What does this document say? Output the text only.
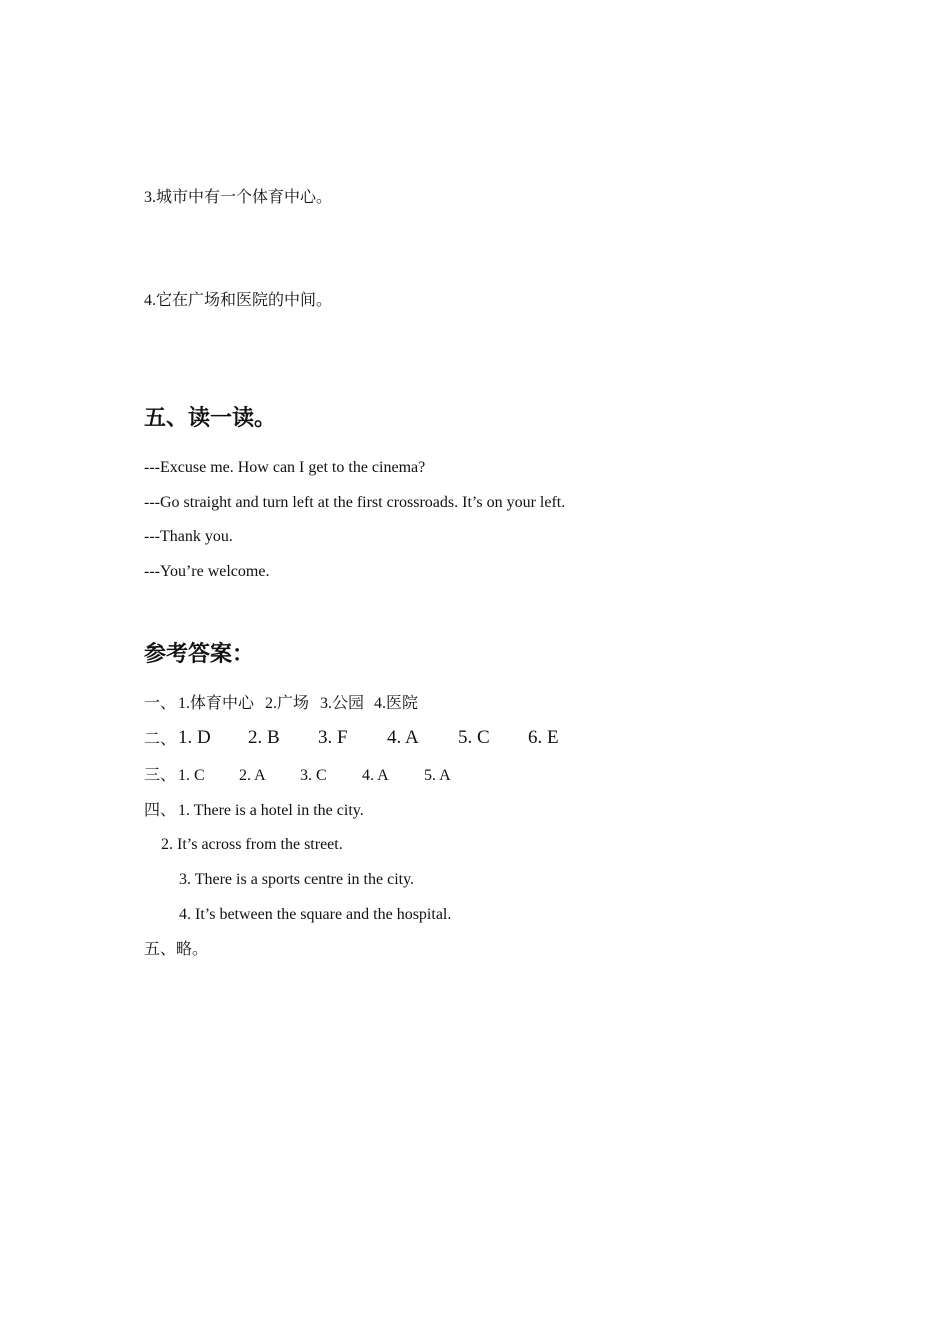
3.城市中有一个体育中心。
4.它在广场和医院的中间。
五、读一读。
---Excuse me. How can I get to the cinema?
---Go straight and turn left at the first crossroads. It’s on your left.
---Thank you.
---You’re welcome.
参考答案：

一、

1.体育中心

2.广场

3.公园

4.医院

二、

1. D

2. B

3. F

4. A

5. C

6. E

三、

1. C

2. A

3. C

4. A

5. A

四、

1. There is a hotel in the city.

2. It’s across from the street.
3. There is a sports centre in the city.
4. It’s between the square and the hospital.
五、略。
